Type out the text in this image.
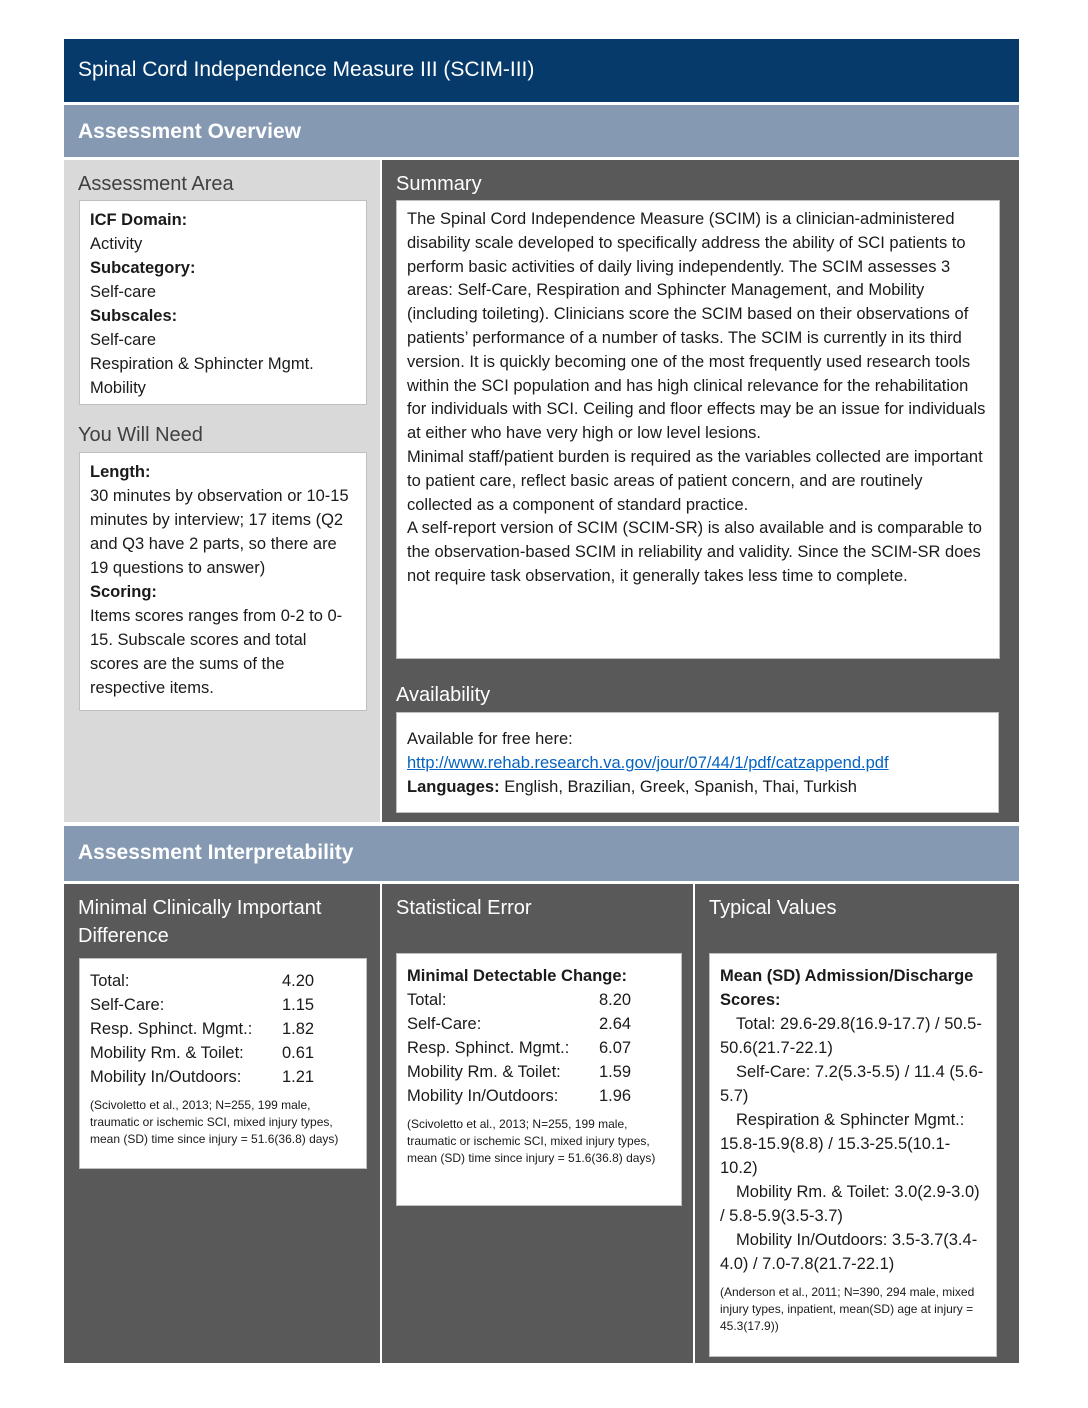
Spinal Cord Independence Measure III (SCIM-III)
Assessment Overview
Assessment Area
You Will Need
ICF Domain:
Activity
Subcategory:
Self-care
Subscales:
Self-care
Respiration & Sphincter Mgmt.
Mobility
Length:
30 minutes by observation or 10-15 minutes by interview; 17 items (Q2 and Q3 have 2 parts, so there are 19 questions to answer)
Scoring:
Items scores ranges from 0-2 to 0-15. Subscale scores and total scores are the sums of the respective items.
Summary
Availability
The Spinal Cord Independence Measure (SCIM) is a clinician-administered disability scale developed to specifically address the ability of SCI patients to perform basic activities of daily living independently. The SCIM assesses 3 areas: Self-Care, Respiration and Sphincter Management, and Mobility (including toileting). Clinicians score the SCIM based on their observations of patients’ performance of a number of tasks. The SCIM is currently in its third version. It is quickly becoming one of the most frequently used research tools within the SCI population and has high clinical relevance for the rehabilitation for individuals with SCI. Ceiling and floor effects may be an issue for individuals at either who have very high or low level lesions.
Minimal staff/patient burden is required as the variables collected are important to patient care, reflect basic areas of patient concern, and are routinely collected as a component of standard practice.
A self-report version of SCIM (SCIM-SR) is also available and is comparable to the observation-based SCIM in reliability and validity. Since the SCIM-SR does not require task observation, it generally takes less time to complete.
Available for free here:
http://www.rehab.research.va.gov/jour/07/44/1/pdf/catzappend.pdf
Languages: English, Brazilian, Greek, Spanish, Thai, Turkish
Assessment Interpretability
Minimal Clinically Important Difference
Total:	4.20
Self-Care:	1.15
Resp. Sphinct. Mgmt.:	1.82
Mobility Rm. & Toilet:	0.61
Mobility In/Outdoors:	1.21
(Scivoletto et al., 2013; N=255, 199 male, traumatic or ischemic SCI, mixed injury types, mean (SD) time since injury = 51.6(36.8) days)
Statistical Error
Minimal Detectable Change:
Total:	8.20
Self-Care:	2.64
Resp. Sphinct. Mgmt.:	6.07
Mobility Rm. & Toilet:	1.59
Mobility In/Outdoors:	1.96
(Scivoletto et al., 2013; N=255, 199 male, traumatic or ischemic SCI, mixed injury types, mean (SD) time since injury = 51.6(36.8) days)
Typical Values
Mean (SD) Admission/Discharge Scores:
Total: 29.6-29.8(16.9-17.7) / 50.5-50.6(21.7-22.1)
Self-Care: 7.2(5.3-5.5) / 11.4 (5.6-5.7)
Respiration & Sphincter Mgmt.: 15.8-15.9(8.8) / 15.3-25.5(10.1-10.2)
Mobility Rm. & Toilet: 3.0(2.9-3.0) / 5.8-5.9(3.5-3.7)
Mobility In/Outdoors: 3.5-3.7(3.4-4.0) / 7.0-7.8(21.7-22.1)
(Anderson et al., 2011; N=390, 294 male, mixed injury types, inpatient, mean(SD) age at injury = 45.3(17.9))
